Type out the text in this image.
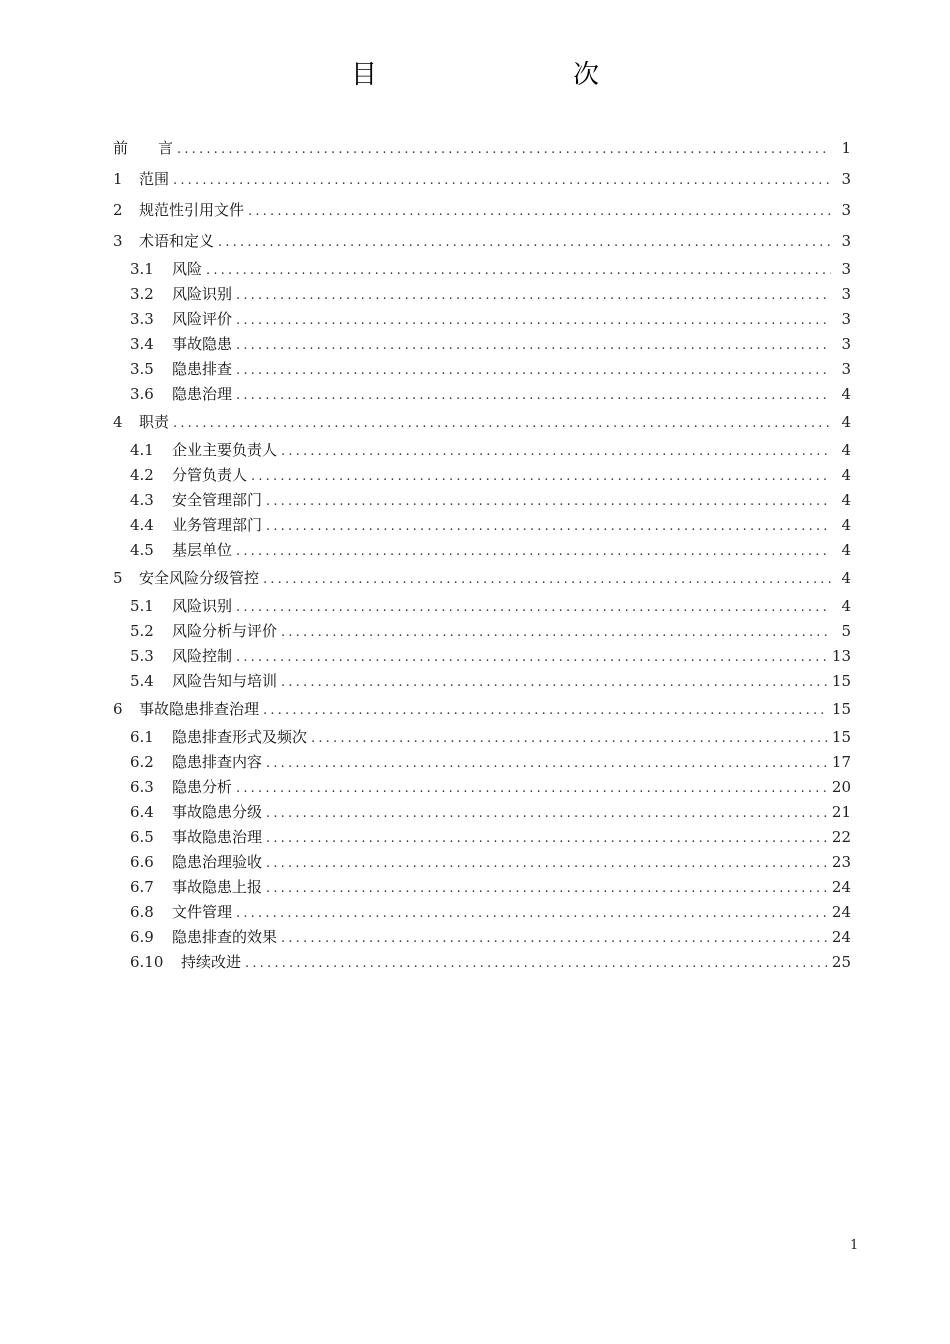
目　　次
前　　言 .....	1
1	范围 .....	3
2	规范性引用文件 .....	3
3	术语和定义 .....	3
3.1	风险 .....	3
3.2	风险识别 .....	3
3.3	风险评价 .....	3
3.4	事故隐患 .....	3
3.5	隐患排查 .....	3
3.6	隐患治理 .....	4
4	职责 .....	4
4.1	企业主要负责人 .....	4
4.2	分管负责人 .....	4
4.3	安全管理部门 .....	4
4.4	业务管理部门 .....	4
4.5	基层单位 .....	4
5	安全风险分级管控 .....	4
5.1	风险识别 .....	4
5.2	风险分析与评价 .....	5
5.3	风险控制 .....	13
5.4	风险告知与培训 .....	15
6	事故隐患排查治理 .....	15
6.1	隐患排查形式及频次 .....	15
6.2	隐患排查内容 .....	17
6.3	隐患分析 .....	20
6.4	事故隐患分级 .....	21
6.5	事故隐患治理 .....	22
6.6	隐患治理验收 .....	23
6.7	事故隐患上报 .....	24
6.8	文件管理 .....	24
6.9	隐患排查的效果 .....	24
6.10	持续改进 .....	25
1
